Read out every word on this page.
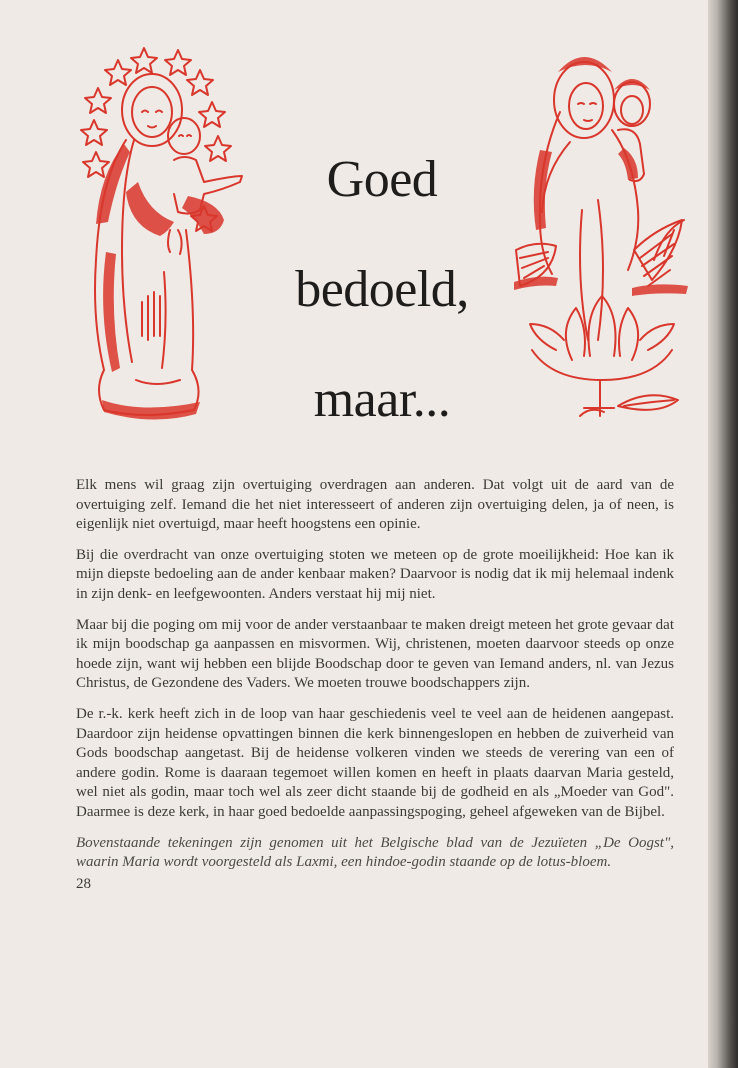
Goed
bedoeld,
maar...

Elk mens wil graag zijn overtuiging overdragen aan anderen. Dat volgt uit de aard van de overtuiging zelf. Iemand die het niet interesseert of anderen zijn overtuiging delen, ja of neen, is eigenlijk niet overtuigd, maar heeft hoogstens een opinie.

Bij die overdracht van onze overtuiging stoten we meteen op de grote moeilijkheid: Hoe kan ik mijn diepste bedoeling aan de ander kenbaar maken? Daarvoor is nodig dat ik mij helemaal indenk in zijn denk- en leefgewoonten. Anders verstaat hij mij niet.

Maar bij die poging om mij voor de ander verstaanbaar te maken dreigt meteen het grote gevaar dat ik mijn boodschap ga aanpassen en misvormen. Wij, christenen, moeten daarvoor steeds op onze hoede zijn, want wij hebben een blijde Boodschap door te geven van Iemand anders, nl. van Jezus Christus, de Gezondene des Vaders. We moeten trouwe boodschappers zijn.

De r.-k. kerk heeft zich in de loop van haar geschiedenis veel te veel aan de heidenen aangepast. Daardoor zijn heidense opvattingen binnen die kerk binnengeslopen en hebben de zuiverheid van Gods boodschap aangetast. Bij de heidense volkeren vinden we steeds de verering van een of andere godin. Rome is daaraan tegemoet willen komen en heeft in plaats daarvan Maria gesteld, wel niet als godin, maar toch wel als zeer dicht staande bij de godheid en als „Moeder van God". Daarmee is deze kerk, in haar goed bedoelde aanpassingspoging, geheel afgeweken van de Bijbel.

Bovenstaande tekeningen zijn genomen uit het Belgische blad van de Jezuïeten „De Oogst", waarin Maria wordt voorgesteld als Laxmi, een hindoe-godin staande op de lotus-bloem.

28
